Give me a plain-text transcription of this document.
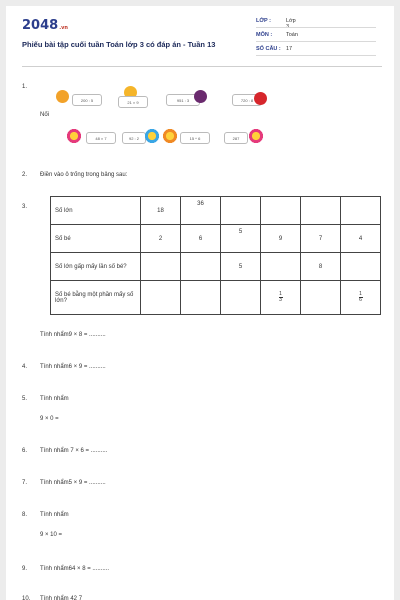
2048.vn
Phiếu bài tập cuối tuần Toán lớp 3 có đáp án - Tuần 13
LỚP :	Lớp 3
MÔN :	Toán
SỐ CÂU : 17
1.
200 : 5	21 × 9	951 : 3	720 : 8
Nối
48 × 7	92 : 2	15 ^ 6	287
2. Điền vào ô trống trong bảng sau:
3.
Số lớn	18	36				
Số bé	2	6	5	9	7	4
Số lớn gấp mấy lần số bé?			5		8	
Số bé bằng một phần mấy số lớn?				$\frac{1}{3}$		$\frac{1}{6}$
Tính nhẩm9 × 8 = ..........
4. Tính nhẩm6 × 9 = ..........
5. Tính nhẩm
9 × 0 =
6. Tính nhẩm 7 × 6 = ..........
7. Tính nhẩm5 × 9 = ..........
8. Tính nhẩm
9 × 10 =
9. Tính nhẩm64 × 8 = ..........
10. Tính nhẩm 42 7
